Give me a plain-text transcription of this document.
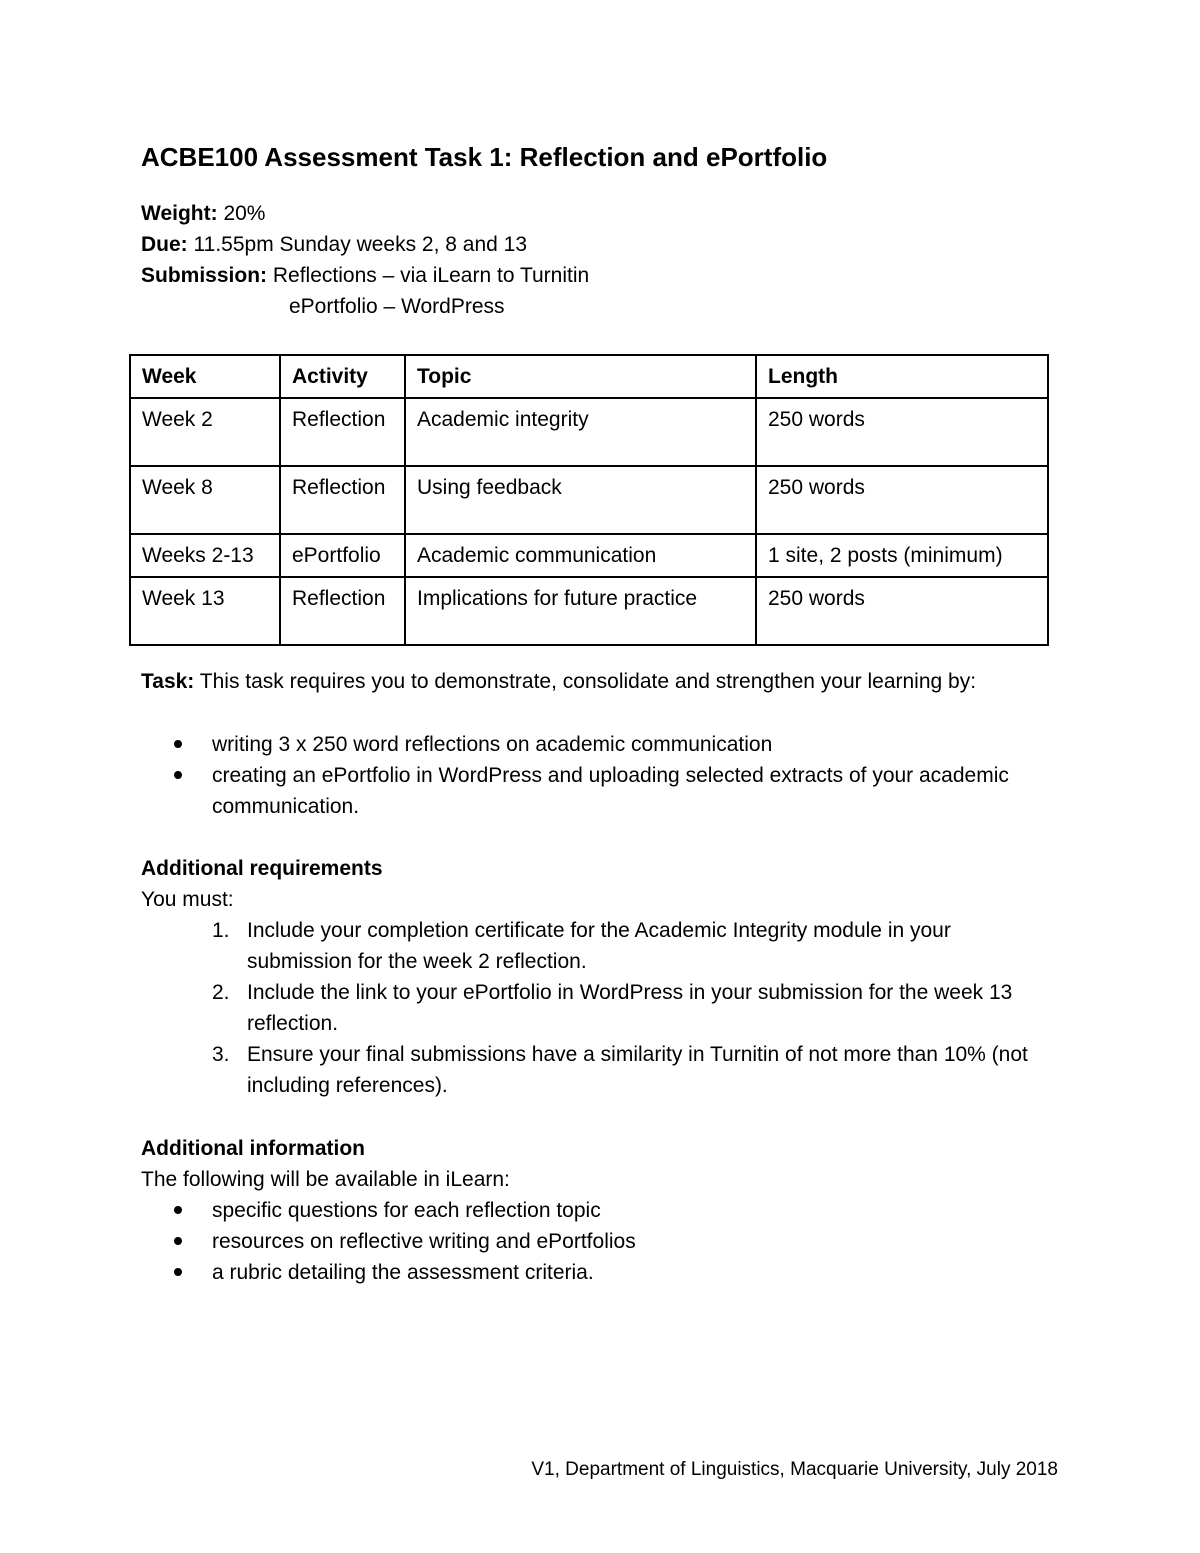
ACBE100 Assessment Task 1: Reflection and ePortfolio
Weight: 20%
Due: 11.55pm Sunday weeks 2, 8 and 13
Submission: Reflections – via iLearn to Turnitin
ePortfolio – WordPress
Week	Activity	Topic	Length
Week 2	Reflection	Academic integrity	250 words
Week 8	Reflection	Using feedback	250 words
Weeks 2-13	ePortfolio	Academic communication	1 site, 2 posts (minimum)
Week 13	Reflection	Implications for future practice	250 words
Task: This task requires you to demonstrate, consolidate and strengthen your learning by:
writing 3 x 250 word reflections on academic communication
creating an ePortfolio in WordPress and uploading selected extracts of your academic communication.
Additional requirements
You must:
1. Include your completion certificate for the Academic Integrity module in your submission for the week 2 reflection.
2. Include the link to your ePortfolio in WordPress in your submission for the week 13 reflection.
3. Ensure your final submissions have a similarity in Turnitin of not more than 10% (not including references).
Additional information
The following will be available in iLearn:
specific questions for each reflection topic
resources on reflective writing and ePortfolios
a rubric detailing the assessment criteria.
V1, Department of Linguistics, Macquarie University, July 2018
